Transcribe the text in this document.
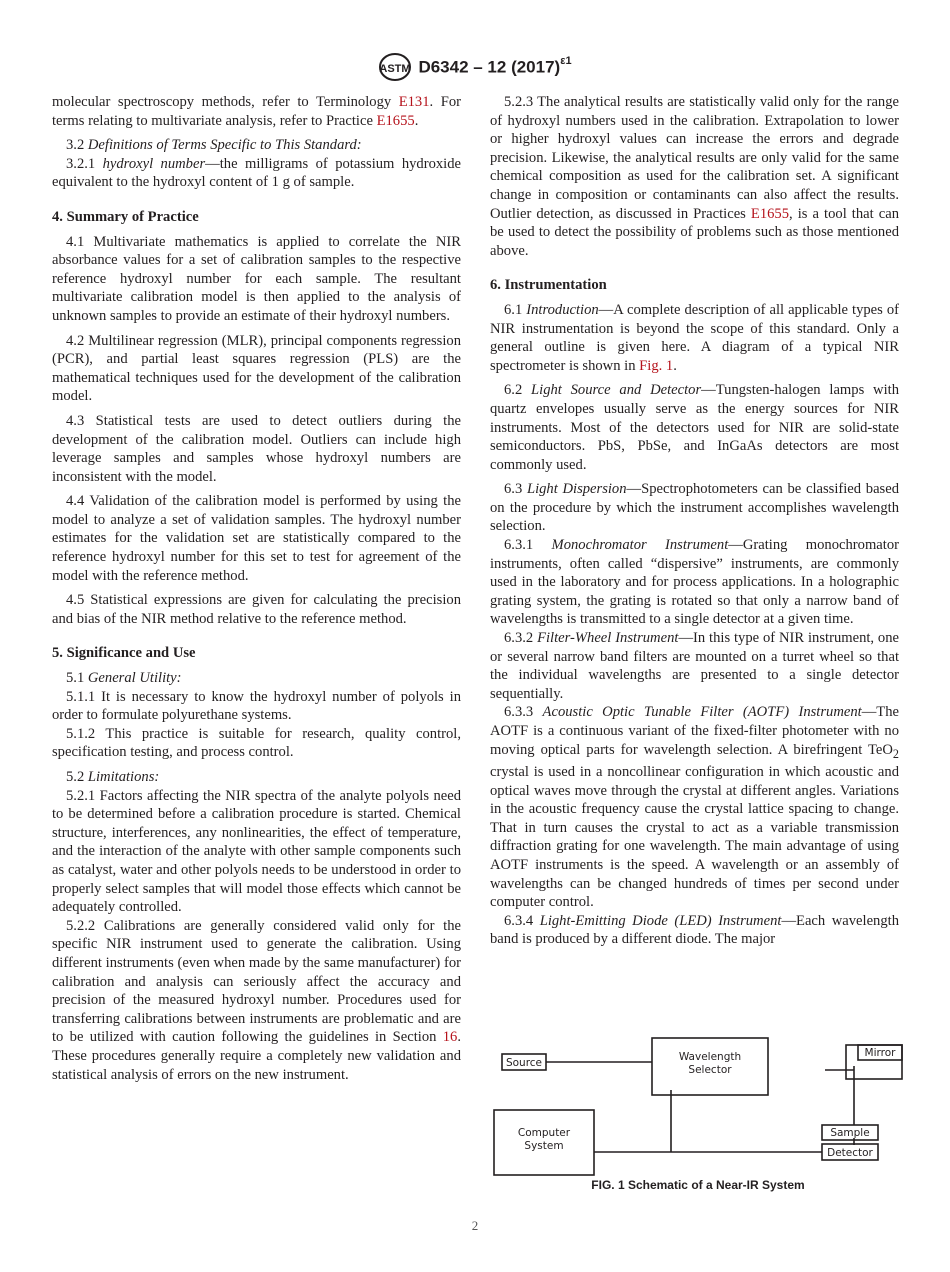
ASTM D6342 – 12 $(2017)^{\varepsilon 1}$

molecular spectroscopy methods, refer to Terminology E131. For terms relating to multivariate analysis, refer to Practice E1655.

3.2 Definitions of Terms Specific to This Standard:

3.2.1 hydroxyl number—the milligrams of potassium hydroxide equivalent to the hydroxyl content of 1 g of sample.

4. Summary of Practice

4.1 Multivariate mathematics is applied to correlate the NIR absorbance values for a set of calibration samples to the respective reference hydroxyl number for each sample. The resultant multivariate calibration model is then applied to the analysis of unknown samples to provide an estimate of their hydroxyl numbers.

4.2 Multilinear regression (MLR), principal components regression (PCR), and partial least squares regression (PLS) are the mathematical techniques used for the development of the calibration model.

4.3 Statistical tests are used to detect outliers during the development of the calibration model. Outliers can include high leverage samples and samples whose hydroxyl numbers are inconsistent with the model.

4.4 Validation of the calibration model is performed by using the model to analyze a set of validation samples. The hydroxyl number estimates for the validation set are statistically compared to the reference hydroxyl number for this set to test for agreement of the model with the reference method.

4.5 Statistical expressions are given for calculating the precision and bias of the NIR method relative to the reference method.

5. Significance and Use

5.1 General Utility:

5.1.1 It is necessary to know the hydroxyl number of polyols in order to formulate polyurethane systems.

5.1.2 This practice is suitable for research, quality control, specification testing, and process control.

5.2 Limitations:

5.2.1 Factors affecting the NIR spectra of the analyte polyols need to be determined before a calibration procedure is started. Chemical structure, interferences, any nonlinearities, the effect of temperature, and the interaction of the analyte with other sample components such as catalyst, water and other polyols needs to be understood in order to properly select samples that will model those effects which cannot be adequately controlled.

5.2.2 Calibrations are generally considered valid only for the specific NIR instrument used to generate the calibration. Using different instruments (even when made by the same manufacturer) for calibration and analysis can seriously affect the accuracy and precision of the measured hydroxyl number. Procedures used for transferring calibrations between instruments are problematic and are to be utilized with caution following the guidelines in Section 16. These procedures generally require a completely new validation and statistical analysis of errors on the new instrument.

5.2.3 The analytical results are statistically valid only for the range of hydroxyl numbers used in the calibration. Extrapolation to lower or higher hydroxyl values can increase the errors and degrade precision. Likewise, the analytical results are only valid for the same chemical composition as used for the calibration set. A significant change in composition or contaminants can also affect the results. Outlier detection, as discussed in Practices E1655, is a tool that can be used to detect the possibility of problems such as those mentioned above.

6. Instrumentation

6.1 Introduction—A complete description of all applicable types of NIR instrumentation is beyond the scope of this standard. Only a general outline is given here. A diagram of a typical NIR spectrometer is shown in Fig. 1.

6.2 Light Source and Detector—Tungsten-halogen lamps with quartz envelopes usually serve as the energy sources for NIR instruments. Most of the detectors used for NIR are solid-state semiconductors. PbS, PbSe, and InGaAs detectors are most commonly used.

6.3 Light Dispersion—Spectrophotometers can be classified based on the procedure by which the instrument accomplishes wavelength selection.

6.3.1 Monochromator Instrument—Grating monochromator instruments, often called “dispersive” instruments, are commonly used in the laboratory and for process applications. In a holographic grating system, the grating is rotated so that only a narrow band of wavelengths is transmitted to a single detector at a given time.

6.3.2 Filter-Wheel Instrument—In this type of NIR instrument, one or several narrow band filters are mounted on a turret wheel so that the individual wavelengths are presented to a single detector sequentially.

6.3.3 Acoustic Optic Tunable Filter (AOTF) Instrument—The AOTF is a continuous variant of the fixed-filter photometer with no moving optical parts for wavelength selection. A birefringent TeO$_2$ crystal is used in a noncollinear configuration in which acoustic and optical waves move through the crystal at different angles. Variations in the acoustic frequency cause the crystal lattice spacing to change. That in turn causes the crystal to act as a variable transmission diffraction grating for one wavelength. The main advantage of using AOTF instruments is the speed. A wavelength or an assembly of wavelengths can be changed hundreds of times per second under computer control.

6.3.4 Light-Emitting Diode (LED) Instrument—Each wavelength band is produced by a different diode. The major

Source	Wavelength
Selector
Mirror
Computer
System
Sample
Detector
FIG. 1 Schematic of a Near-IR System
2
